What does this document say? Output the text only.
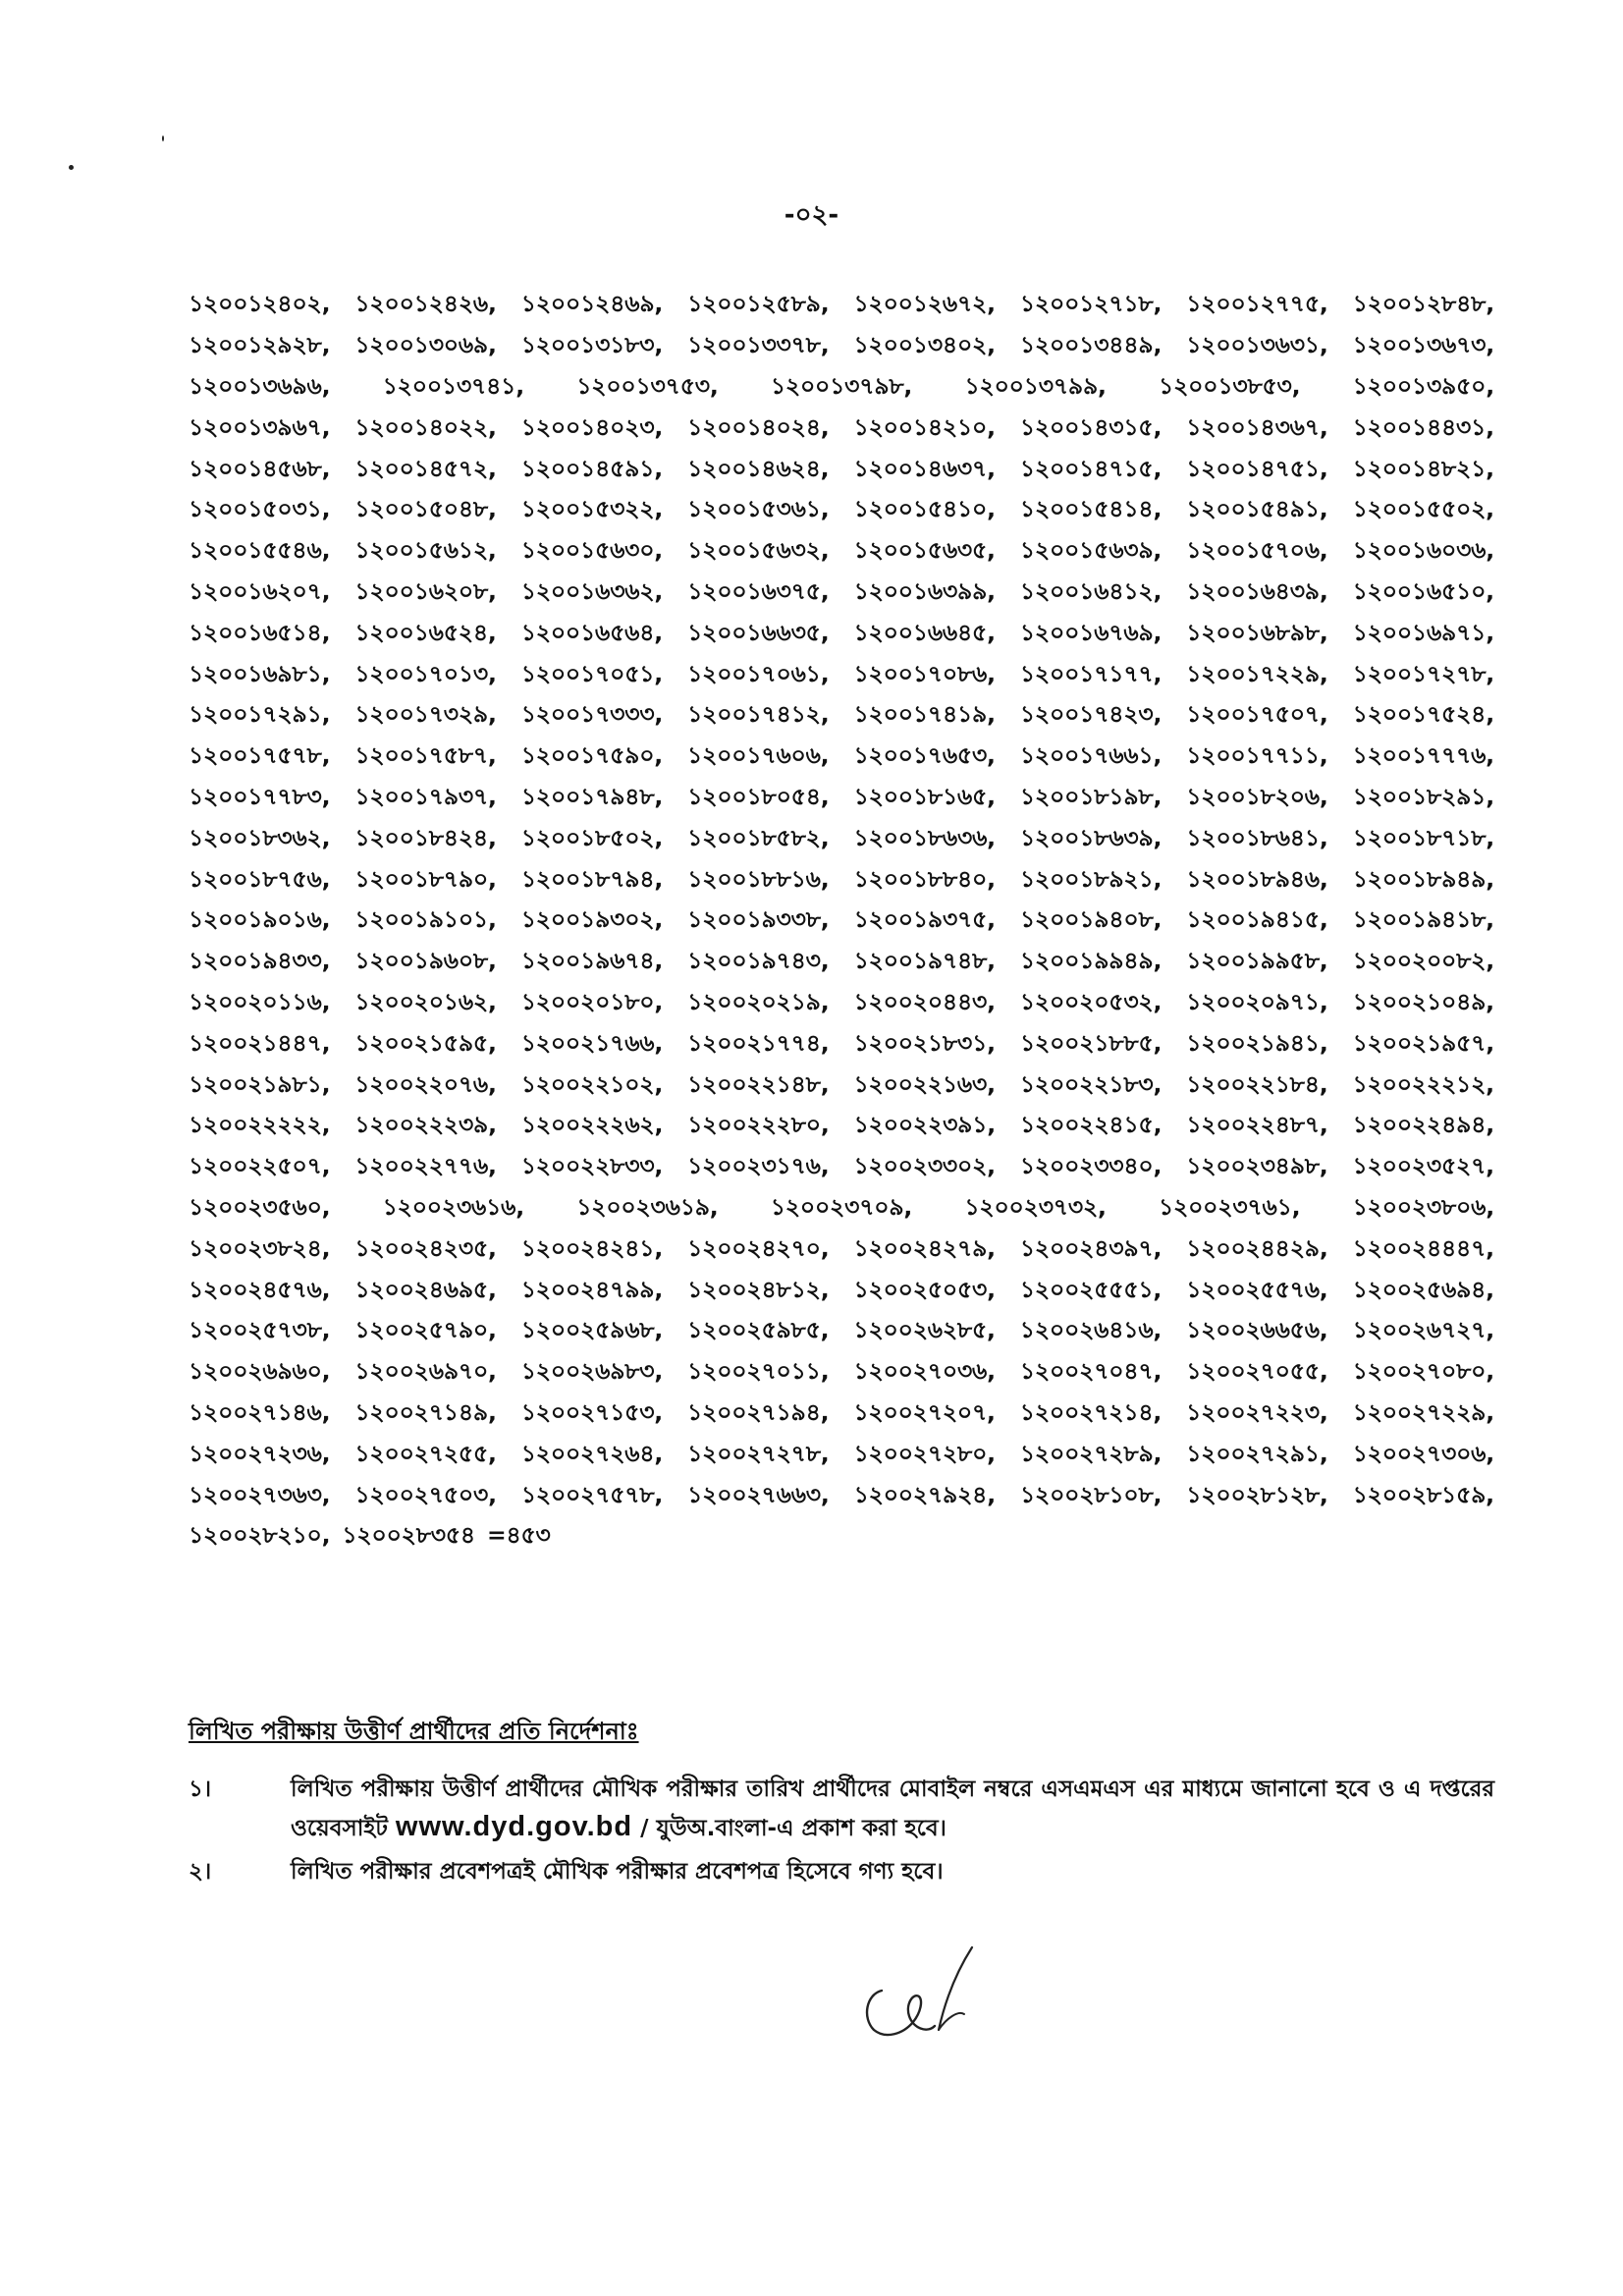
-০২-
১২০০১২৪০২, ১২০০১২৪২৬, ১২০০১২৪৬৯, ১২০০১২৫৮৯, ১২০০১২৬৭২, ১২০০১২৭১৮, ১২০০১২৭৭৫, ১২০০১২৮৪৮,
১২০০১২৯২৮, ১২০০১৩০৬৯, ১২০০১৩১৮৩, ১২০০১৩৩৭৮, ১২০০১৩৪০২, ১২০০১৩৪৪৯, ১২০০১৩৬৩১, ১২০০১৩৬৭৩,
১২০০১৩৬৯৬, ১২০০১৩৭৪১, ১২০০১৩৭৫৩, ১২০০১৩৭৯৮, ১২০০১৩৭৯৯, ১২০০১৩৮৫৩, ১২০০১৩৯৫০,
১২০০১৩৯৬৭, ১২০০১৪০২২, ১২০০১৪০২৩, ১২০০১৪০২৪, ১২০০১৪২১০, ১২০০১৪৩১৫, ১২০০১৪৩৬৭, ১২০০১৪৪৩১,
১২০০১৪৫৬৮, ১২০০১৪৫৭২, ১২০০১৪৫৯১, ১২০০১৪৬২৪, ১২০০১৪৬৩৭, ১২০০১৪৭১৫, ১২০০১৪৭৫১, ১২০০১৪৮২১,
১২০০১৫০৩১, ১২০০১৫০৪৮, ১২০০১৫৩২২, ১২০০১৫৩৬১, ১২০০১৫৪১০, ১২০০১৫৪১৪, ১২০০১৫৪৯১, ১২০০১৫৫০২,
১২০০১৫৫৪৬, ১২০০১৫৬১২, ১২০০১৫৬৩০, ১২০০১৫৬৩২, ১২০০১৫৬৩৫, ১২০০১৫৬৩৯, ১২০০১৫৭০৬, ১২০০১৬০৩৬,
১২০০১৬২০৭, ১২০০১৬২০৮, ১২০০১৬৩৬২, ১২০০১৬৩৭৫, ১২০০১৬৩৯৯, ১২০০১৬৪১২, ১২০০১৬৪৩৯, ১২০০১৬৫১০,
১২০০১৬৫১৪, ১২০০১৬৫২৪, ১২০০১৬৫৬৪, ১২০০১৬৬৩৫, ১২০০১৬৬৪৫, ১২০০১৬৭৬৯, ১২০০১৬৮৯৮, ১২০০১৬৯৭১,
১২০০১৬৯৮১, ১২০০১৭০১৩, ১২০০১৭০৫১, ১২০০১৭০৬১, ১২০০১৭০৮৬, ১২০০১৭১৭৭, ১২০০১৭২২৯, ১২০০১৭২৭৮,
১২০০১৭২৯১, ১২০০১৭৩২৯, ১২০০১৭৩৩৩, ১২০০১৭৪১২, ১২০০১৭৪১৯, ১২০০১৭৪২৩, ১২০০১৭৫০৭, ১২০০১৭৫২৪,
১২০০১৭৫৭৮, ১২০০১৭৫৮৭, ১২০০১৭৫৯০, ১২০০১৭৬০৬, ১২০০১৭৬৫৩, ১২০০১৭৬৬১, ১২০০১৭৭১১, ১২০০১৭৭৭৬,
১২০০১৭৭৮৩, ১২০০১৭৯৩৭, ১২০০১৭৯৪৮, ১২০০১৮০৫৪, ১২০০১৮১৬৫, ১২০০১৮১৯৮, ১২০০১৮২০৬, ১২০০১৮২৯১,
১২০০১৮৩৬২, ১২০০১৮৪২৪, ১২০০১৮৫০২, ১২০০১৮৫৮২, ১২০০১৮৬৩৬, ১২০০১৮৬৩৯, ১২০০১৮৬৪১, ১২০০১৮৭১৮,
১২০০১৮৭৫৬, ১২০০১৮৭৯০, ১২০০১৮৭৯৪, ১২০০১৮৮১৬, ১২০০১৮৮৪০, ১২০০১৮৯২১, ১২০০১৮৯৪৬, ১২০০১৮৯৪৯,
১২০০১৯০১৬, ১২০০১৯১০১, ১২০০১৯৩০২, ১২০০১৯৩৩৮, ১২০০১৯৩৭৫, ১২০০১৯৪০৮, ১২০০১৯৪১৫, ১২০০১৯৪১৮,
১২০০১৯৪৩৩, ১২০০১৯৬০৮, ১২০০১৯৬৭৪, ১২০০১৯৭৪৩, ১২০০১৯৭৪৮, ১২০০১৯৯৪৯, ১২০০১৯৯৫৮, ১২০০২০০৮২,
১২০০২০১১৬, ১২০০২০১৬২, ১২০০২০১৮০, ১২০০২০২১৯, ১২০০২০৪৪৩, ১২০০২০৫৩২, ১২০০২০৯৭১, ১২০০২১০৪৯,
১২০০২১৪৪৭, ১২০০২১৫৯৫, ১২০০২১৭৬৬, ১২০০২১৭৭৪, ১২০০২১৮৩১, ১২০০২১৮৮৫, ১২০০২১৯৪১, ১২০০২১৯৫৭,
১২০০২১৯৮১, ১২০০২২০৭৬, ১২০০২২১০২, ১২০০২২১৪৮, ১২০০২২১৬৩, ১২০০২২১৮৩, ১২০০২২১৮৪, ১২০০২২২১২,
১২০০২২২২২, ১২০০২২২৩৯, ১২০০২২২৬২, ১২০০২২২৮০, ১২০০২২৩৯১, ১২০০২২৪১৫, ১২০০২২৪৮৭, ১২০০২২৪৯৪,
১২০০২২৫০৭, ১২০০২২৭৭৬, ১২০০২২৮৩৩, ১২০০২৩১৭৬, ১২০০২৩৩০২, ১২০০২৩৩৪০, ১২০০২৩৪৯৮, ১২০০২৩৫২৭,
১২০০২৩৫৬০, ১২০০২৩৬১৬, ১২০০২৩৬১৯, ১২০০২৩৭০৯, ১২০০২৩৭৩২, ১২০০২৩৭৬১, ১২০০২৩৮০৬,
১২০০২৩৮২৪, ১২০০২৪২৩৫, ১২০০২৪২৪১, ১২০০২৪২৭০, ১২০০২৪২৭৯, ১২০০২৪৩৯৭, ১২০০২৪৪২৯, ১২০০২৪৪৪৭,
১২০০২৪৫৭৬, ১২০০২৪৬৯৫, ১২০০২৪৭৯৯, ১২০০২৪৮১২, ১২০০২৫০৫৩, ১২০০২৫৫৫১, ১২০০২৫৫৭৬, ১২০০২৫৬৯৪,
১২০০২৫৭৩৮, ১২০০২৫৭৯০, ১২০০২৫৯৬৮, ১২০০২৫৯৮৫, ১২০০২৬২৮৫, ১২০০২৬৪১৬, ১২০০২৬৬৫৬, ১২০০২৬৭২৭,
১২০০২৬৯৬০, ১২০০২৬৯৭০, ১২০০২৬৯৮৩, ১২০০২৭০১১, ১২০০২৭০৩৬, ১২০০২৭০৪৭, ১২০০২৭০৫৫, ১২০০২৭০৮০,
১২০০২৭১৪৬, ১২০০২৭১৪৯, ১২০০২৭১৫৩, ১২০০২৭১৯৪, ১২০০২৭২০৭, ১২০০২৭২১৪, ১২০০২৭২২৩, ১২০০২৭২২৯,
১২০০২৭২৩৬, ১২০০২৭২৫৫, ১২০০২৭২৬৪, ১২০০২৭২৭৮, ১২০০২৭২৮০, ১২০০২৭২৮৯, ১২০০২৭২৯১, ১২০০২৭৩০৬,
১২০০২৭৩৬৩, ১২০০২৭৫০৩, ১২০০২৭৫৭৮, ১২০০২৭৬৬৩, ১২০০২৭৯২৪, ১২০০২৮১০৮, ১২০০২৮১২৮, ১২০০২৮১৫৯,
১২০০২৮২১০, ১২০০২৮৩৫৪ =৪৫৩
লিখিত পরীক্ষায় উত্তীর্ণ প্রার্থীদের প্রতি নির্দেশনাঃ
১।	লিখিত পরীক্ষায় উত্তীর্ণ প্রার্থীদের মৌখিক পরীক্ষার তারিখ প্রার্থীদের মোবাইল নম্বরে এসএমএস এর মাধ্যমে জানানো হবে ও এ দপ্তরের ওয়েবসাইট www.dyd.gov.bd / যুউঅ.বাংলা-এ প্রকাশ করা হবে।
২।	লিখিত পরীক্ষার প্রবেশপত্রই মৌখিক পরীক্ষার প্রবেশপত্র হিসেবে গণ্য হবে।
